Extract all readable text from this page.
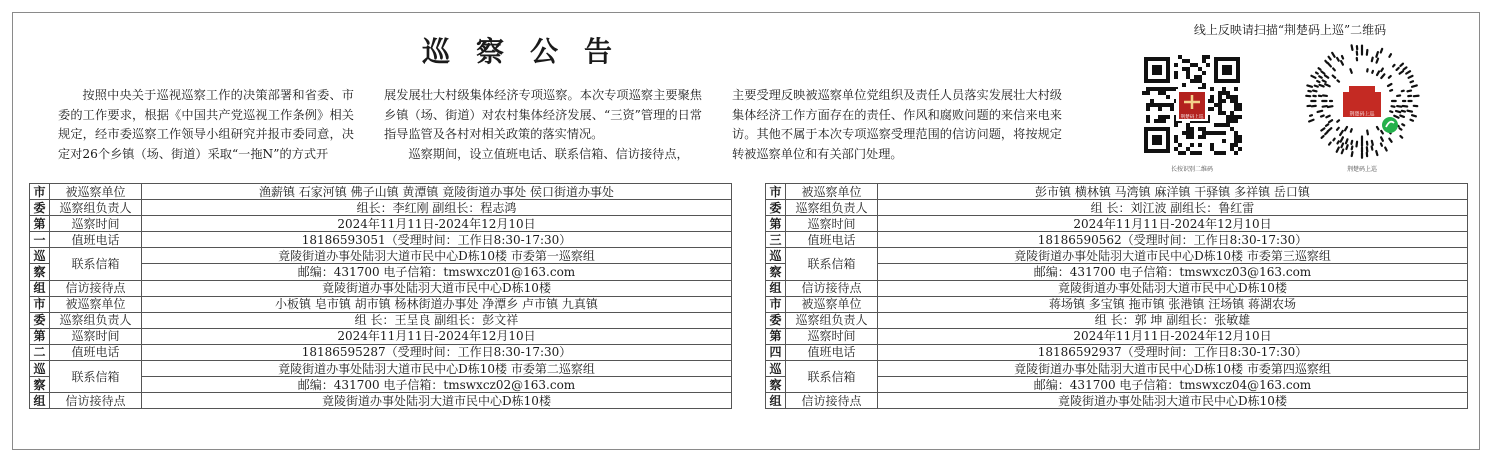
巡察公告

按照中央关于巡视巡察工作的决策部署和省委、市委的工作要求，根据《中国共产党巡视工作条例》相关规定，经市委巡察工作领导小组研究并报市委同意，决定对26个乡镇（场、街道）采取“一拖N”的方式开

展发展壮大村级集体经济专项巡察。本次专项巡察主要聚焦乡镇（场、街道）对农村集体经济发展、“三资”管理的日常指导监管及各村对相关政策的落实情况。

巡察期间，设立值班电话、联系信箱、信访接待点，

主要受理反映被巡察单位党组织及责任人员落实发展壮大村级集体经济工作方面存在的责任、作风和腐败问题的来信来电来访。其他不属于本次专项巡察受理范围的信访问题，将按规定转被巡察单位和有关部门处理。

线上反映请扫描“荆楚码上巡”二维码
荆楚码上巡
长按识别二维码
荆楚码上巡
荆楚码上巡
市	被巡察单位	渔薪镇 石家河镇 佛子山镇 黄潭镇 竟陵街道办事处 侯口街道办事处
委	巡察组负责人	组长：李红刚 副组长：程志鸿
第	巡察时间	2024年11月11日-2024年12月10日
一	值班电话	18186593051（受理时间：工作日8:30-17:30）
巡	联系信箱	竟陵街道办事处陆羽大道市民中心D栋10楼 市委第一巡察组
察		邮编：431700 电子信箱：tmswxcz01@163.com
组	信访接待点	竟陵街道办事处陆羽大道市民中心D栋10楼
市	被巡察单位	小板镇 皂市镇 胡市镇 杨林街道办事处 净潭乡 卢市镇 九真镇
委	巡察组负责人	组 长：王呈良 副组长：彭文祥
第	巡察时间	2024年11月11日-2024年12月10日
二	值班电话	18186595287（受理时间：工作日8:30-17:30）
巡	联系信箱	竟陵街道办事处陆羽大道市民中心D栋10楼 市委第二巡察组
察		邮编：431700 电子信箱：tmswxcz02@163.com
组	信访接待点	竟陵街道办事处陆羽大道市民中心D栋10楼
市	被巡察单位	彭市镇 横林镇 马湾镇 麻洋镇 干驿镇 多祥镇 岳口镇
委	巡察组负责人	组 长：刘江波 副组长：鲁红雷
第	巡察时间	2024年11月11日-2024年12月10日
三	值班电话	18186590562（受理时间：工作日8:30-17:30）
巡	联系信箱	竟陵街道办事处陆羽大道市民中心D栋10楼 市委第三巡察组
察		邮编：431700 电子信箱：tmswxcz03@163.com
组	信访接待点	竟陵街道办事处陆羽大道市民中心D栋10楼
市	被巡察单位	蒋场镇 多宝镇 拖市镇 张港镇 汪场镇 蒋湖农场
委	巡察组负责人	组 长：郭 坤 副组长：张敏雄
第	巡察时间	2024年11月11日-2024年12月10日
四	值班电话	18186592937（受理时间：工作日8:30-17:30）
巡	联系信箱	竟陵街道办事处陆羽大道市民中心D栋10楼 市委第四巡察组
察		邮编：431700 电子信箱：tmswxcz04@163.com
组	信访接待点	竟陵街道办事处陆羽大道市民中心D栋10楼
